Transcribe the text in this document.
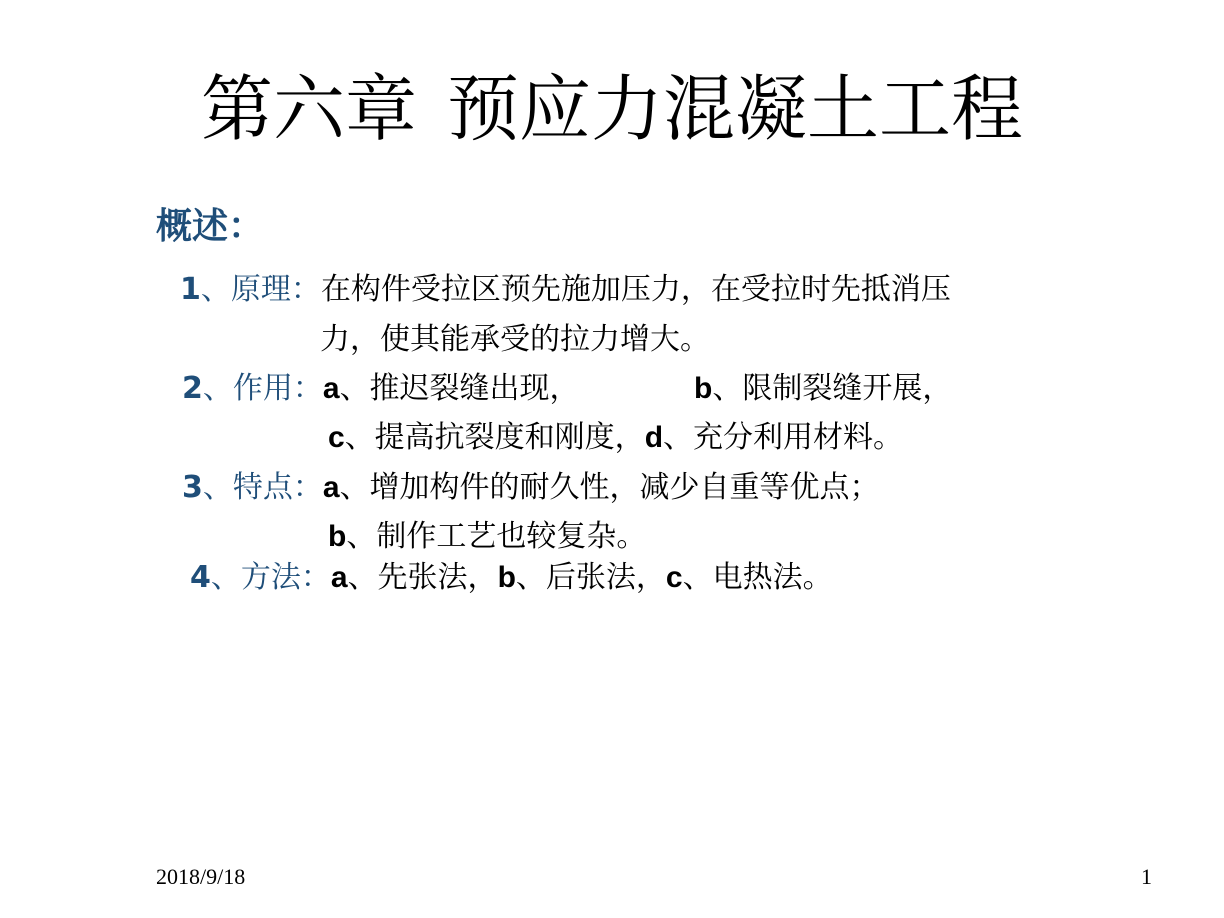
第六章 预应力混凝土工程
概述：
1、原理：在构件受拉区预先施加压力，在受拉时先抵消压
力，使其能承受的拉力增大。
2、作用：a、推迟裂缝出现，	b、限制裂缝开展，
c、提高抗裂度和刚度，d、充分利用材料。
3、特点：a、增加构件的耐久性，减少自重等优点；
b、制作工艺也较复杂。
4、方法：a、先张法，b、后张法，c、电热法。
2018/9/18	1
